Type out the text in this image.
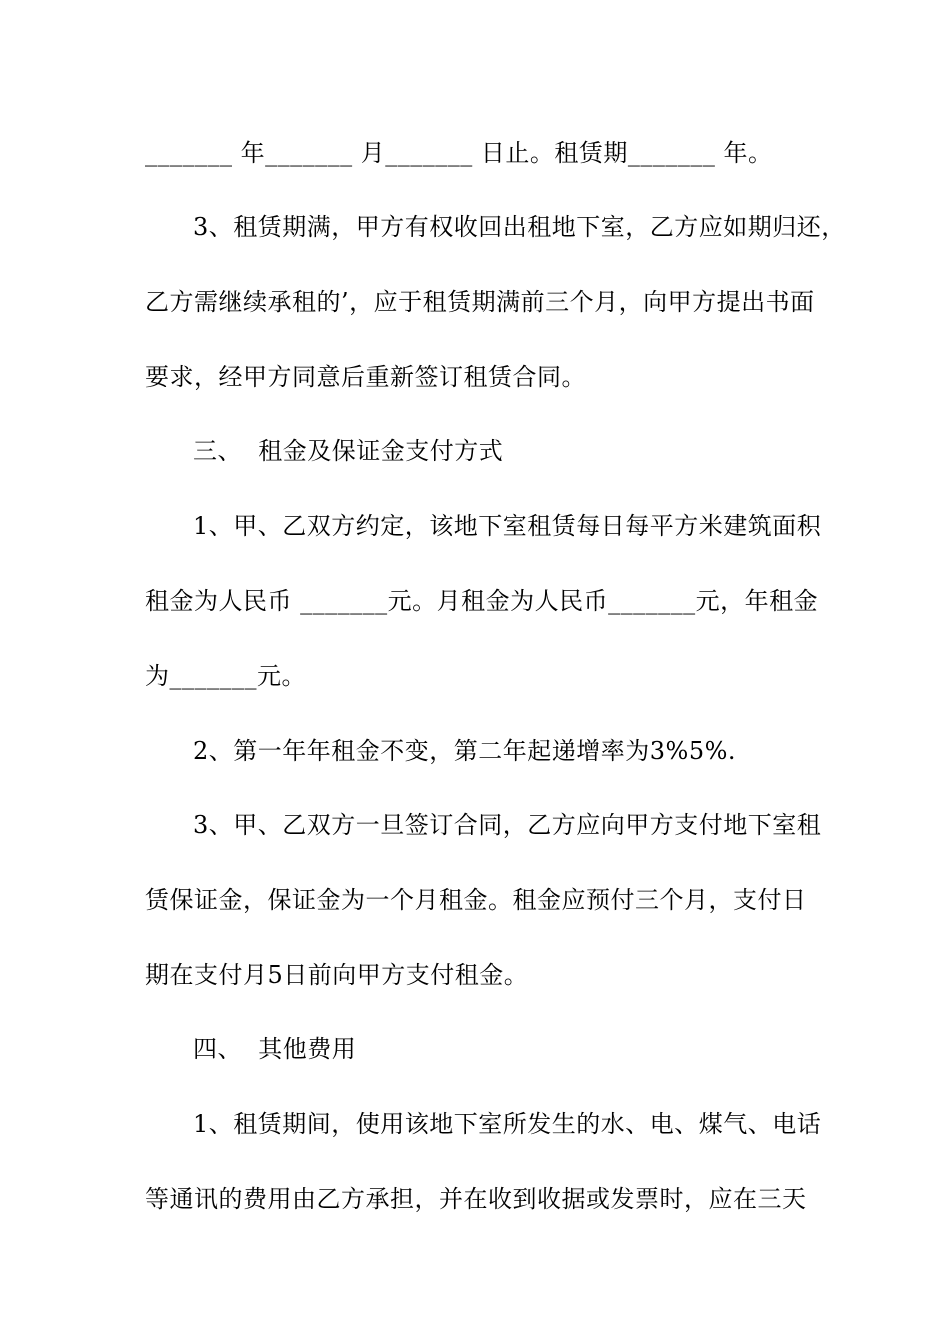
_______ 年_______ 月_______ 日止。租赁期_______ 年。
3、租赁期满，甲方有权收回出租地下室，乙方应如期归还，
乙方需继续承租的’，应于租赁期满前三个月，向甲方提出书面
要求，经甲方同意后重新签订租赁合同。
三、  租金及保证金支付方式
1、甲、乙双方约定，该地下室租赁每日每平方米建筑面积
租金为人民币 _______元。月租金为人民币_______元，年租金
为_______元。
2、第一年年租金不变，第二年起递增率为3%5%.
3、甲、乙双方一旦签订合同，乙方应向甲方支付地下室租
赁保证金，保证金为一个月租金。租金应预付三个月，支付日
期在支付月5日前向甲方支付租金。
四、  其他费用
1、租赁期间，使用该地下室所发生的水、电、煤气、电话
等通讯的费用由乙方承担，并在收到收据或发票时，应在三天
